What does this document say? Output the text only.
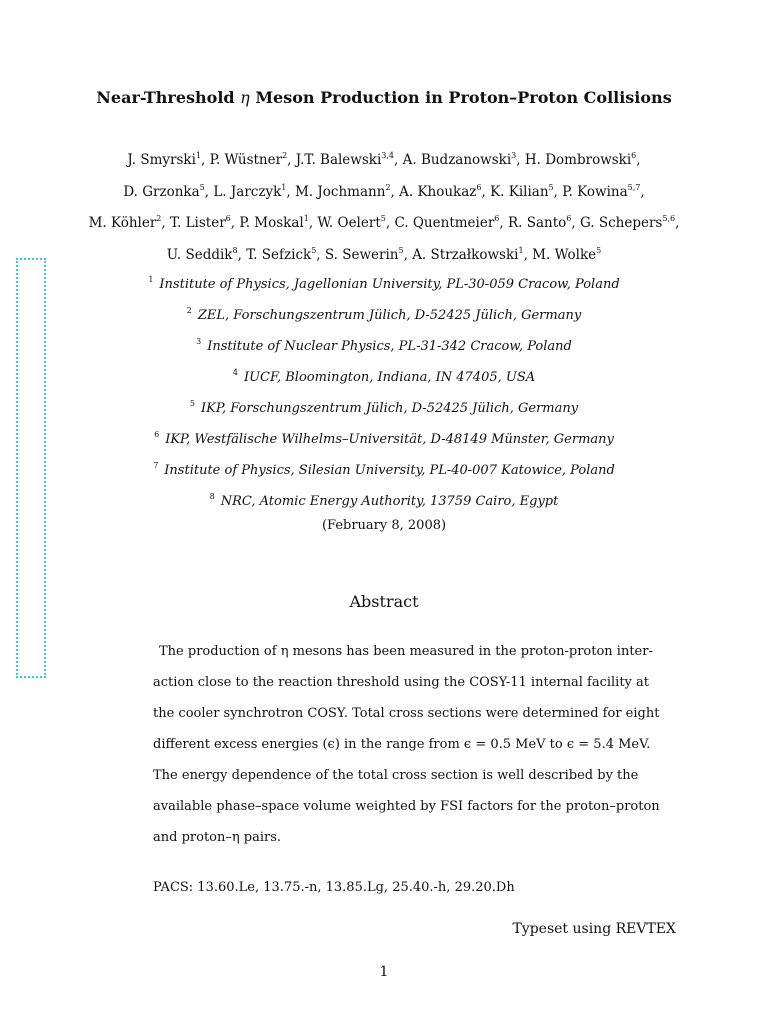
Near-Threshold η Meson Production in Proton–Proton Collisions
J. Smyrski$^1$, P. Wüstner$^2$, J.T. Balewski$^{3,4}$, A. Budzanowski$^3$, H. Dombrowski$^6$,
D. Grzonka$^5$, L. Jarczyk$^1$, M. Jochmann$^2$, A. Khoukaz$^6$, K. Kilian$^5$, P. Kowina$^{5,7}$,
M. Köhler$^2$, T. Lister$^6$, P. Moskal$^1$, W. Oelert$^5$, C. Quentmeier$^6$, R. Santo$^6$, G. Schepers$^{5,6}$,
U. Seddik$^8$, T. Sefzick$^5$, S. Sewerin$^5$, A. Strzałkowski$^1$, M. Wolke$^5$
$^1$ Institute of Physics, Jagellonian University, PL-30-059 Cracow, Poland
$^2$ ZEL, Forschungszentrum Jülich, D-52425 Jülich, Germany
$^3$ Institute of Nuclear Physics, PL-31-342 Cracow, Poland
$^4$ IUCF, Bloomington, Indiana, IN 47405, USA
$^5$ IKP, Forschungszentrum Jülich, D-52425 Jülich, Germany
$^6$ IKP, Westfälische Wilhelms–Universität, D-48149 Münster, Germany
$^7$ Institute of Physics, Silesian University, PL-40-007 Katowice, Poland
$^8$ NRC, Atomic Energy Authority, 13759 Cairo, Egypt
(February 8, 2008)
Abstract
The production of η mesons has been measured in the proton-proton inter-
action close to the reaction threshold using the COSY-11 internal facility at
the cooler synchrotron COSY. Total cross sections were determined for eight
different excess energies (ϵ) in the range from ϵ = 0.5 MeV to ϵ = 5.4 MeV.
The energy dependence of the total cross section is well described by the
available phase–space volume weighted by FSI factors for the proton–proton
and proton–η pairs.
PACS: 13.60.Le, 13.75.-n, 13.85.Lg, 25.40.-h, 29.20.Dh
Typeset using REVTEX
1
